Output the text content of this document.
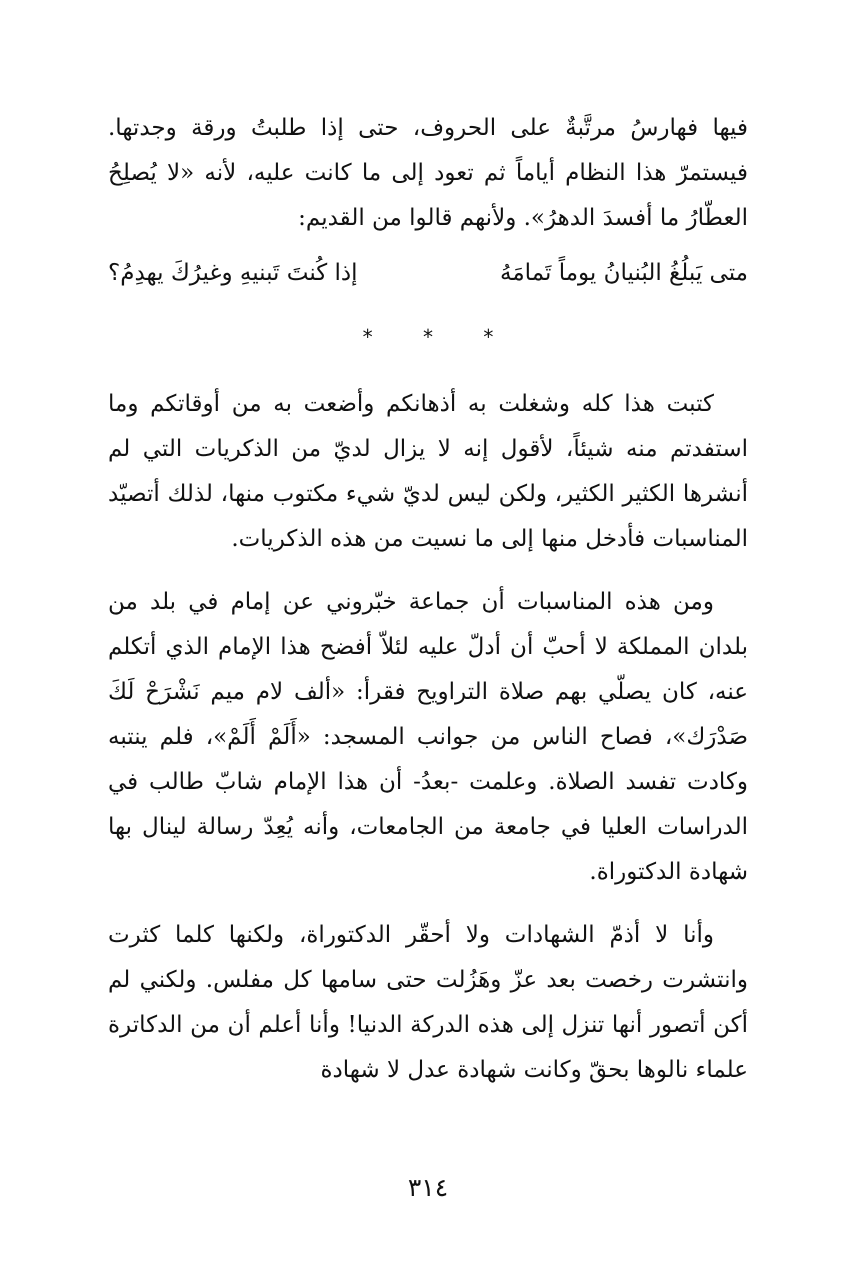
فيها فهارسُ مرتَّبةٌ على الحروف، حتى إذا طلبتُ ورقة وجدتها. فيستمرّ هذا النظام أياماً ثم تعود إلى ما كانت عليه، لأنه «لا يُصلِحُ العطّارُ ما أفسدَ الدهرُ». ولأنهم قالوا من القديم:

متى يَبلُغُ البُنيانُ يوماً تَمامَهُ
إذا كُنتَ تَبنيهِ وغيرُكَ يهدِمُ؟
* * *

كتبت هذا كله وشغلت به أذهانكم وأضعت به من أوقاتكم وما استفدتم منه شيئاً، لأقول إنه لا يزال لديّ من الذكريات التي لم أنشرها الكثير الكثير، ولكن ليس لديّ شيء مكتوب منها، لذلك أتصيّد المناسبات فأدخل منها إلى ما نسيت من هذه الذكريات.

ومن هذه المناسبات أن جماعة خبّروني عن إمام في بلد من بلدان المملكة لا أحبّ أن أدلّ عليه لئلاّ أفضح هذا الإمام الذي أتكلم عنه، كان يصلّي بهم صلاة التراويح فقرأ: «ألف لام ميم نَشْرَحْ لَكَ صَدْرَك»، فصاح الناس من جوانب المسجد: «أَلَمْ أَلَمْ»، فلم ينتبه وكادت تفسد الصلاة. وعلمت -بعدُ- أن هذا الإمام شابّ طالب في الدراسات العليا في جامعة من الجامعات، وأنه يُعِدّ رسالة لينال بها شهادة الدكتوراة.

وأنا لا أذمّ الشهادات ولا أحقّر الدكتوراة، ولكنها كلما كثرت وانتشرت رخصت بعد عزّ وهَزُلت حتى سامها كل مفلس. ولكني لم أكن أتصور أنها تنزل إلى هذه الدركة الدنيا! وأنا أعلم أن من الدكاترة علماء نالوها بحقّ وكانت شهادة عدل لا شهادة

٣١٤
